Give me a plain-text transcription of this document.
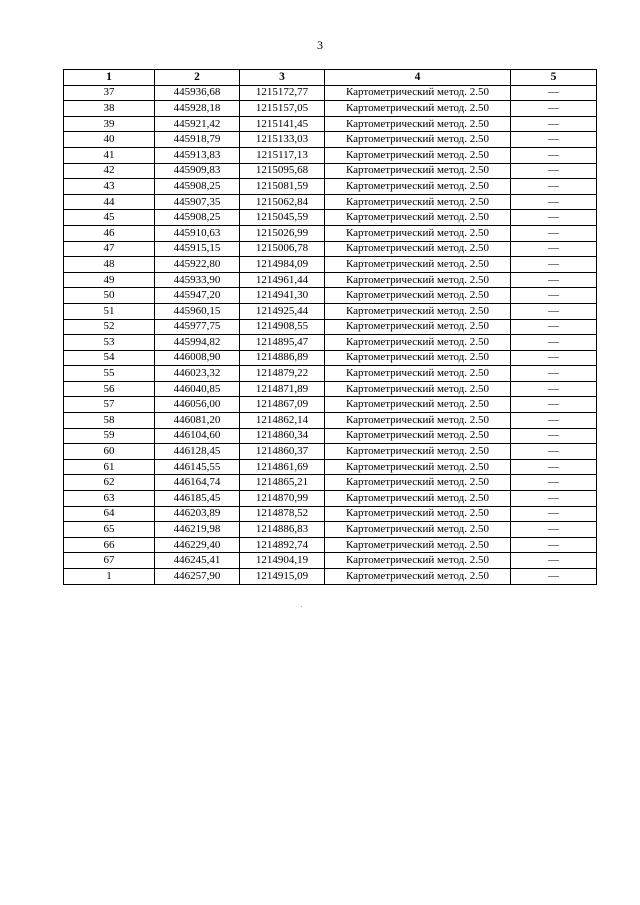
3
1	2	3	4	5
37	445936,68	1215172,77	Картометрический метод. 2.50	—
38	445928,18	1215157,05	Картометрический метод. 2.50	—
39	445921,42	1215141,45	Картометрический метод. 2.50	—
40	445918,79	1215133,03	Картометрический метод. 2.50	—
41	445913,83	1215117,13	Картометрический метод. 2.50	—
42	445909,83	1215095,68	Картометрический метод. 2.50	—
43	445908,25	1215081,59	Картометрический метод. 2.50	—
44	445907,35	1215062,84	Картометрический метод. 2.50	—
45	445908,25	1215045,59	Картометрический метод. 2.50	—
46	445910,63	1215026,99	Картометрический метод. 2.50	—
47	445915,15	1215006,78	Картометрический метод. 2.50	—
48	445922,80	1214984,09	Картометрический метод. 2.50	—
49	445933,90	1214961,44	Картометрический метод. 2.50	—
50	445947,20	1214941,30	Картометрический метод. 2.50	—
51	445960,15	1214925,44	Картометрический метод. 2.50	—
52	445977,75	1214908,55	Картометрический метод. 2.50	—
53	445994,82	1214895,47	Картометрический метод. 2.50	—
54	446008,90	1214886,89	Картометрический метод. 2.50	—
55	446023,32	1214879,22	Картометрический метод. 2.50	—
56	446040,85	1214871,89	Картометрический метод. 2.50	—
57	446056,00	1214867,09	Картометрический метод. 2.50	—
58	446081,20	1214862,14	Картометрический метод. 2.50	—
59	446104,60	1214860,34	Картометрический метод. 2.50	—
60	446128,45	1214860,37	Картометрический метод. 2.50	—
61	446145,55	1214861,69	Картометрический метод. 2.50	—
62	446164,74	1214865,21	Картометрический метод. 2.50	—
63	446185,45	1214870,99	Картометрический метод. 2.50	—
64	446203,89	1214878,52	Картометрический метод. 2.50	—
65	446219,98	1214886,83	Картометрический метод. 2.50	—
66	446229,40	1214892,74	Картометрический метод. 2.50	—
67	446245,41	1214904,19	Картометрический метод. 2.50	—
1	446257,90	1214915,09	Картометрический метод. 2.50	—
